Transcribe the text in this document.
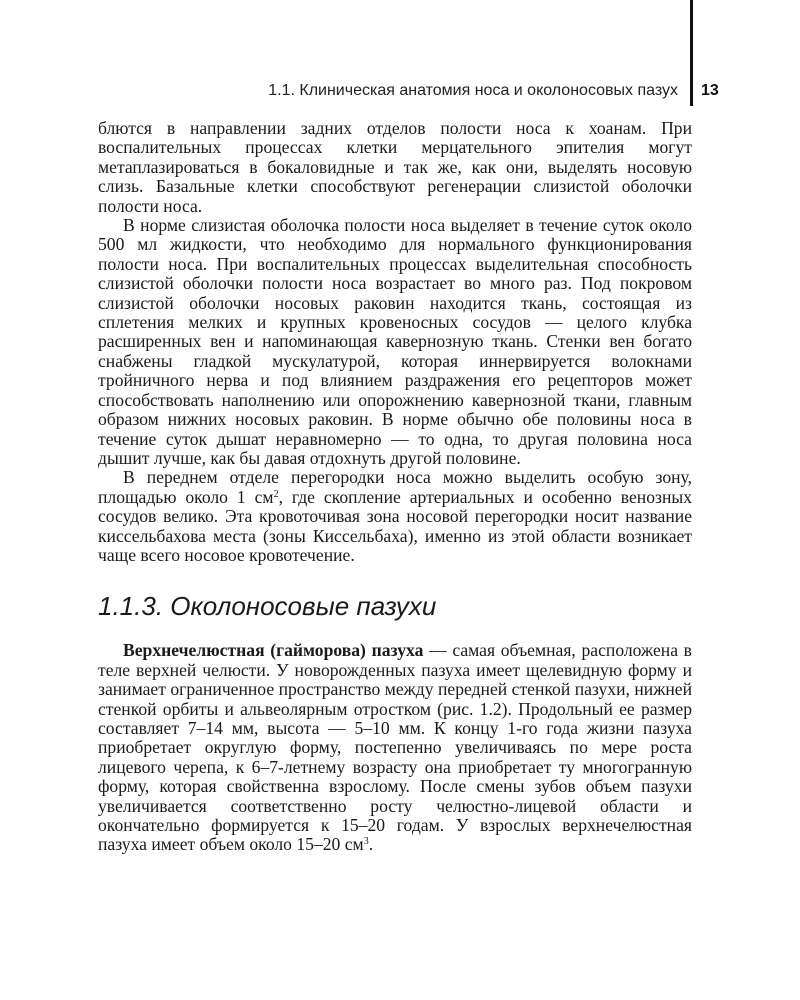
1.1. Клиническая анатомия носа и околоносовых пазух 13

блются в направлении задних отделов полости носа к хоанам. При воспалительных процессах клетки мерцательного эпителия могут метаплазироваться в бокаловидные и так же, как они, выделять носовую слизь. Базальные клетки способствуют регенерации слизистой оболочки полости носа.

В норме слизистая оболочка полости носа выделяет в течение суток около 500 мл жидкости, что необходимо для нормального функционирования полости носа. При воспалительных процессах выделительная способность слизистой оболочки полости носа возрастает во много раз. Под покровом слизистой оболочки носовых раковин находится ткань, состоящая из сплетения мелких и крупных кровеносных сосудов — целого клубка расширенных вен и напоминающая кавернозную ткань. Стенки вен богато снабжены гладкой мускулатурой, которая иннервируется волокнами тройничного нерва и под влиянием раздражения его рецепторов может способствовать наполнению или опорожнению кавернозной ткани, главным образом нижних носовых раковин. В норме обычно обе половины носа в течение суток дышат неравномерно — то одна, то другая половина носа дышит лучше, как бы давая отдохнуть другой половине.

В переднем отделе перегородки носа можно выделить особую зону, площадью около 1 $см^2$, где скопление артериальных и особенно венозных сосудов велико. Эта кровоточивая зона носовой перегородки носит название киссельбахова места (зоны Киссельбаха), именно из этой области возникает чаще всего носовое кровотечение.

1.1.3. Околоносовые пазухи

Верхнечелюстная (гайморова) пазуха — самая объемная, расположена в теле верхней челюсти. У новорожденных пазуха имеет щелевидную форму и занимает ограниченное пространство между передней стенкой пазухи, нижней стенкой орбиты и альвеолярным отростком (рис. 1.2). Продольный ее размер составляет 7–14 мм, высота — 5–10 мм. К концу 1-го года жизни пазуха приобретает округлую форму, постепенно увеличиваясь по мере роста лицевого черепа, к 6–7-летнему возрасту она приобретает ту многогранную форму, которая свойственна взрослому. После смены зубов объем пазухи увеличивается соответственно росту челюстно-лицевой области и окончательно формируется к 15–20 годам. У взрослых верхнечелюстная пазуха имеет объем около 15–20 $см^3$.
